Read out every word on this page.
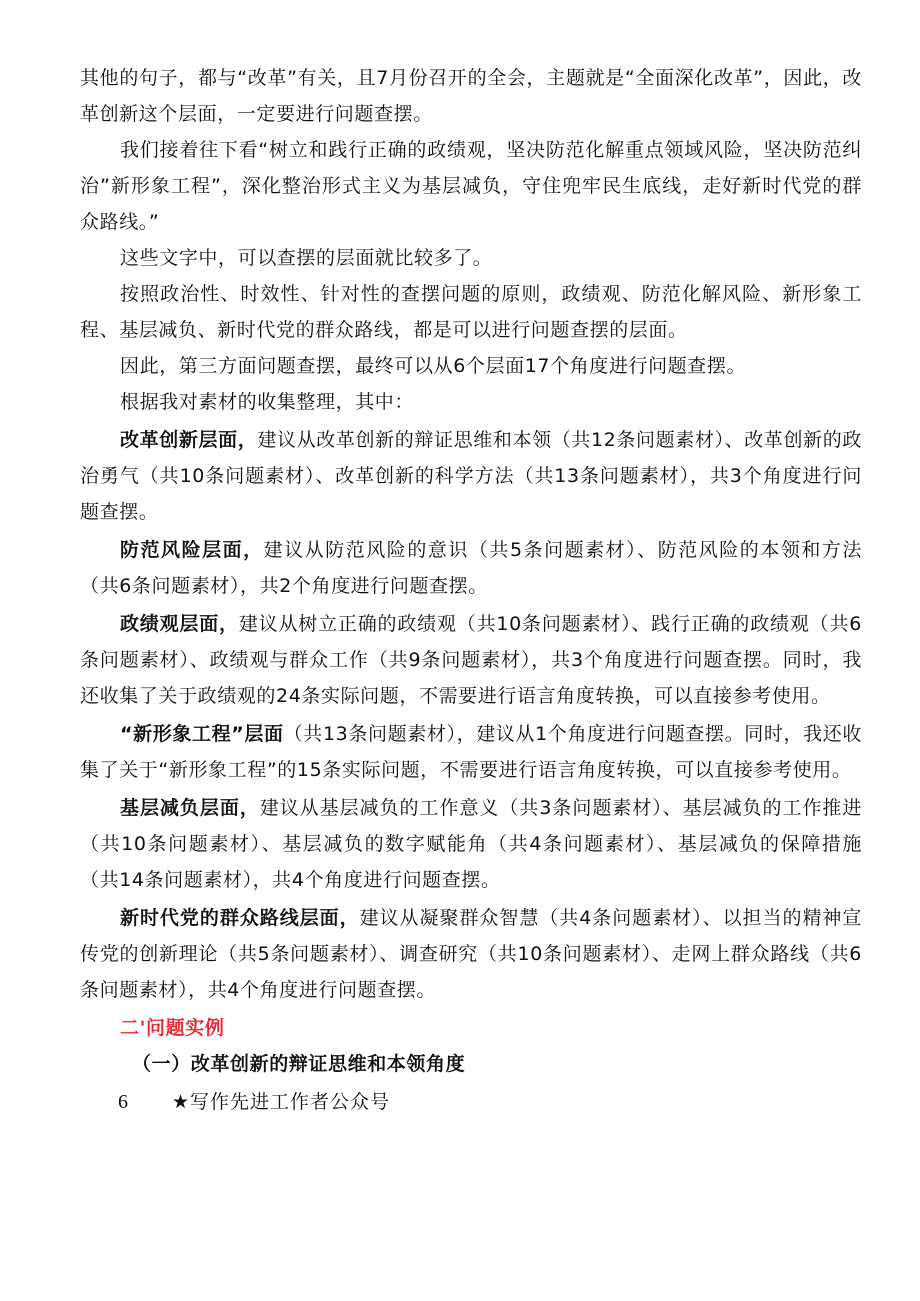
其他的句子，都与“改革”有关，且7月份召开的全会，主题就是“全面深化改革”，因此，改革创新这个层面，一定要进行问题查摆。

我们接着往下看“树立和践行正确的政绩观，坚决防范化解重点领域风险，坚决防范纠治”新形象工程”，深化整治形式主义为基层减负，守住兜牢民生底线，走好新时代党的群众路线。”

这些文字中，可以查摆的层面就比较多了。

按照政治性、时效性、针对性的查摆问题的原则，政绩观、防范化解风险、新形象工程、基层减负、新时代党的群众路线，都是可以进行问题查摆的层面。

因此，第三方面问题查摆，最终可以从6个层面17个角度进行问题查摆。

根据我对素材的收集整理，其中：

改革创新层面，建议从改革创新的辩证思维和本领（共12条问题素材）、改革创新的政治勇气（共10条问题素材）、改革创新的科学方法（共13条问题素材），共3个角度进行问题查摆。

防范风险层面，建议从防范风险的意识（共5条问题素材）、防范风险的本领和方法（共6条问题素材），共2个角度进行问题查摆。

政绩观层面，建议从树立正确的政绩观（共10条问题素材）、践行正确的政绩观（共6条问题素材）、政绩观与群众工作（共9条问题素材），共3个角度进行问题查摆。同时，我还收集了关于政绩观的24条实际问题，不需要进行语言角度转换，可以直接参考使用。

“新形象工程”层面（共13条问题素材），建议从1个角度进行问题查摆。同时，我还收集了关于“新形象工程”的15条实际问题，不需要进行语言角度转换，可以直接参考使用。

基层减负层面，建议从基层减负的工作意义（共3条问题素材）、基层减负的工作推进（共10条问题素材）、基层减负的数字赋能角（共4条问题素材）、基层减负的保障措施（共14条问题素材），共4个角度进行问题查摆。

新时代党的群众路线层面，建议从凝聚群众智慧（共4条问题素材）、以担当的精神宣传党的创新理论（共5条问题素材）、调查研究（共10条问题素材）、走网上群众路线（共6条问题素材），共4个角度进行问题查摆。

二'问题实例

（一）改革创新的辩证思维和本领角度

6 ★写作先进工作者公众号
